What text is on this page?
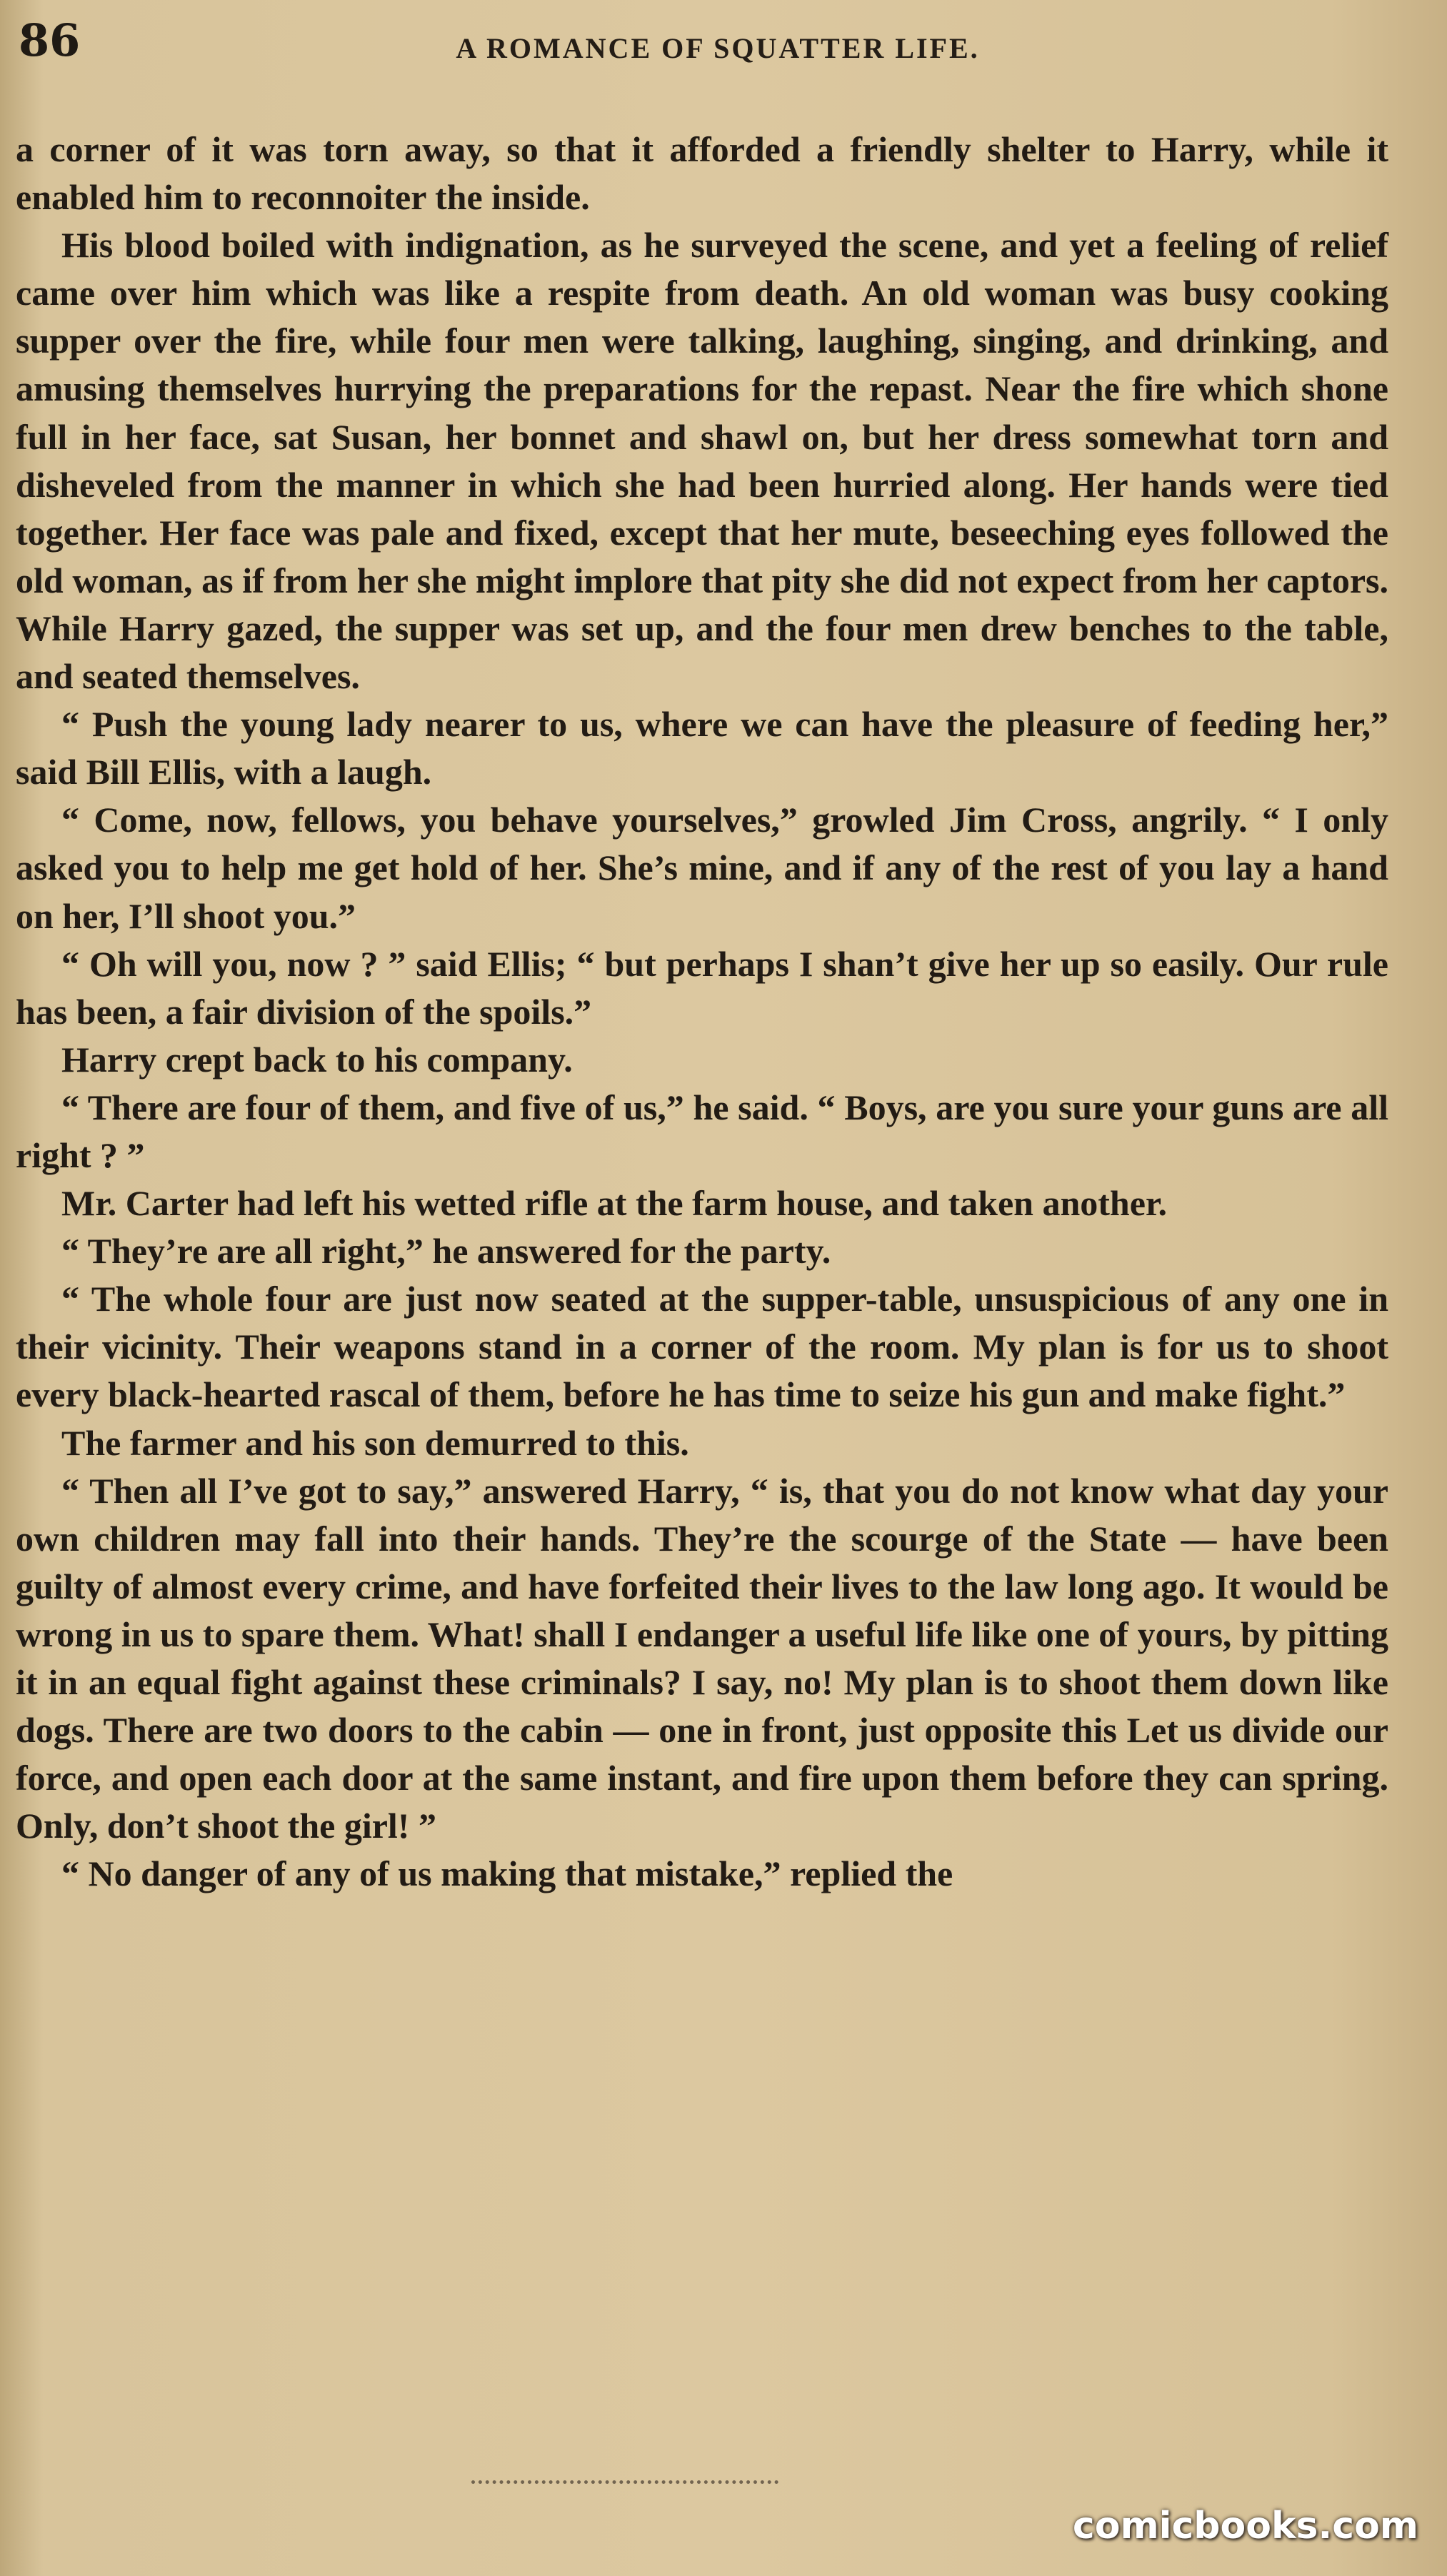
86	A ROMANCE OF SQUATTER LIFE.

a corner of it was torn away, so that it afforded a friendly shelter to Harry, while it enabled him to reconnoiter the inside.

His blood boiled with indignation, as he surveyed the scene, and yet a feeling of relief came over him which was like a respite from death. An old woman was busy cooking supper over the fire, while four men were talking, laughing, singing, and drinking, and amusing themselves hurrying the preparations for the repast. Near the fire which shone full in her face, sat Susan, her bonnet and shawl on, but her dress somewhat torn and disheveled from the manner in which she had been hurried along. Her hands were tied together. Her face was pale and fixed, except that her mute, beseeching eyes followed the old woman, as if from her she might implore that pity she did not expect from her captors. While Harry gazed, the supper was set up, and the four men drew benches to the table, and seated themselves.

“ Push the young lady nearer to us, where we can have the pleasure of feeding her,” said Bill Ellis, with a laugh.

“ Come, now, fellows, you behave yourselves,” growled Jim Cross, angrily. “ I only asked you to help me get hold of her. She’s mine, and if any of the rest of you lay a hand on her, I’ll shoot you.”

“ Oh will you, now ? ” said Ellis; “ but perhaps I shan’t give her up so easily. Our rule has been, a fair division of the spoils.”

Harry crept back to his company.

“ There are four of them, and five of us,” he said. “ Boys, are you sure your guns are all right ? ”

Mr. Carter had left his wetted rifle at the farm house, and taken another.

“ They’re are all right,” he answered for the party.

“ The whole four are just now seated at the supper-table, unsuspicious of any one in their vicinity. Their weapons stand in a corner of the room. My plan is for us to shoot every black-hearted rascal of them, before he has time to seize his gun and make fight.”

The farmer and his son demurred to this.

“ Then all I’ve got to say,” answered Harry, “ is, that you do not know what day your own children may fall into their hands. They’re the scourge of the State — have been guilty of almost every crime, and have forfeited their lives to the law long ago. It would be wrong in us to spare them. What! shall I endanger a useful life like one of yours, by pitting it in an equal fight against these criminals? I say, no! My plan is to shoot them down like dogs. There are two doors to the cabin — one in front, just opposite this Let us divide our force, and open each door at the same instant, and fire upon them before they can spring. Only, don’t shoot the girl! ”

“ No danger of any of us making that mistake,” replied the

comicbooks.com
